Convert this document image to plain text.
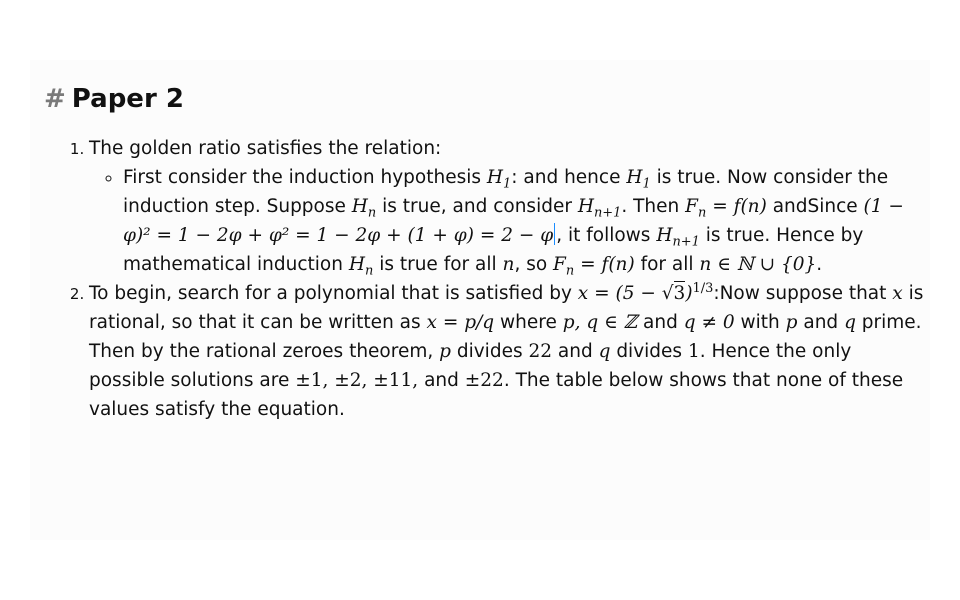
# Paper 2
1. The golden ratio satisfies the relation:
◦ First consider the induction hypothesis $H_1$: and hence $H_1$ is true. Now consider the induction step. Suppose $H_n$ is true, and consider $H_{n+1}$. Then $F_n = f(n)$ andSince (1 − φ)² = 1 − 2φ + φ² = 1 − 2φ + (1 + φ) = 2 − φ , it follows $H_{n+1}$ is true. Hence by mathematical induction $H_n$ is true for all n, so $F_n = f(n)$ for all n ∈ ℕ ∪ {0}.
2. To begin, search for a polynomial that is satisfied by $x = (5 - √3)^{1/3}:Now$ suppose that x is rational, so that it can be written as x = p/q where p, q ∈ ℤ and q ≠ 0 with p and q prime. Then by the rational zeroes theorem, p divides 22 and q divides 1. Hence the only possible solutions are ±1, ±2, ±11, and ±22. The table below shows that none of these values satisfy the equation.
